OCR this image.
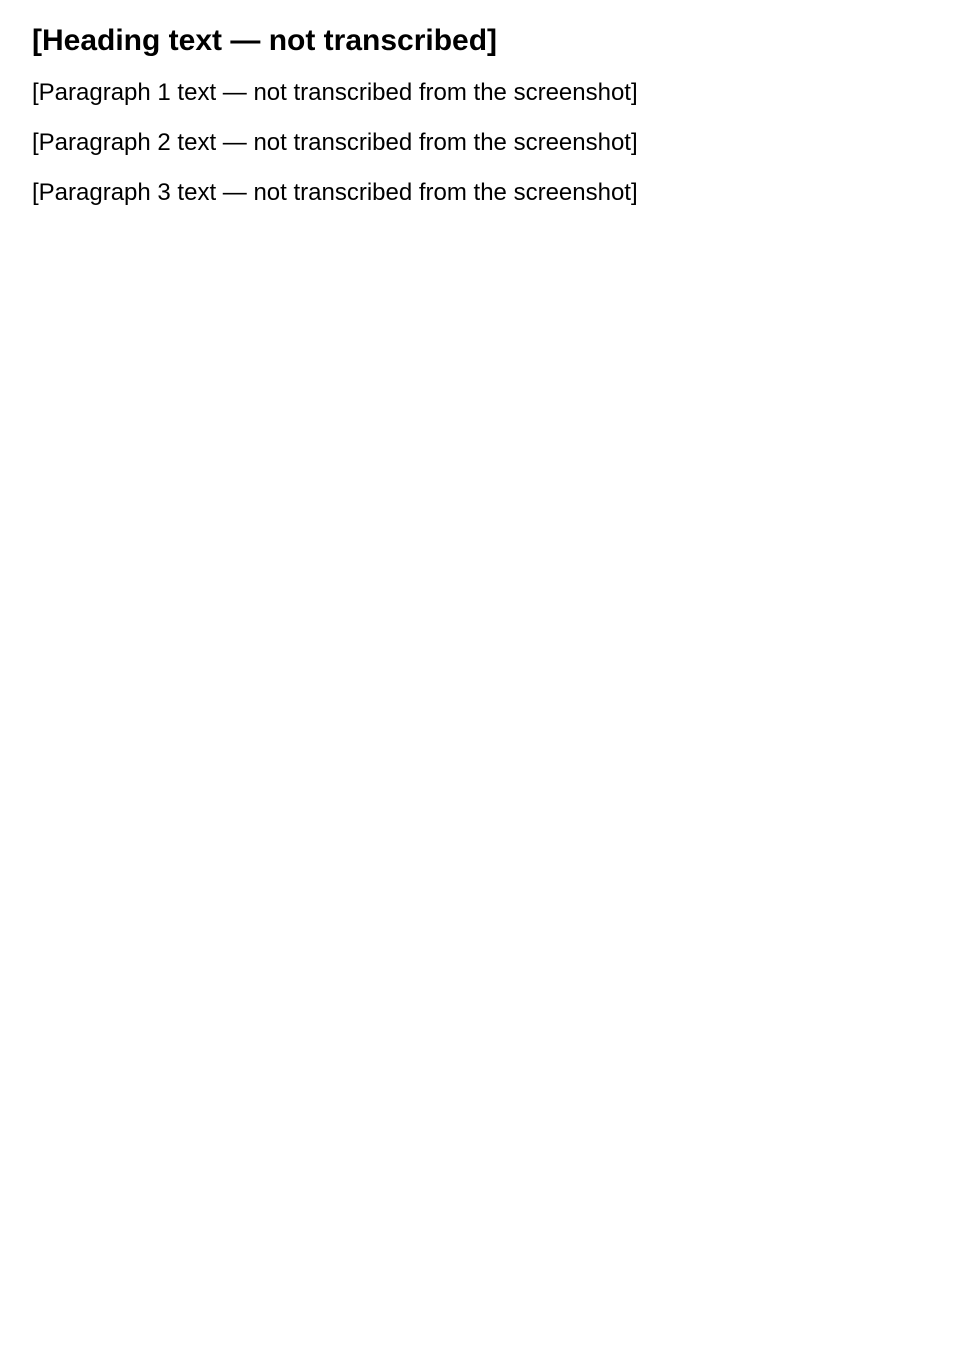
[Heading text — not transcribed]

[Paragraph 1 text — not transcribed from the screenshot]

[Paragraph 2 text — not transcribed from the screenshot]

[Paragraph 3 text — not transcribed from the screenshot]
